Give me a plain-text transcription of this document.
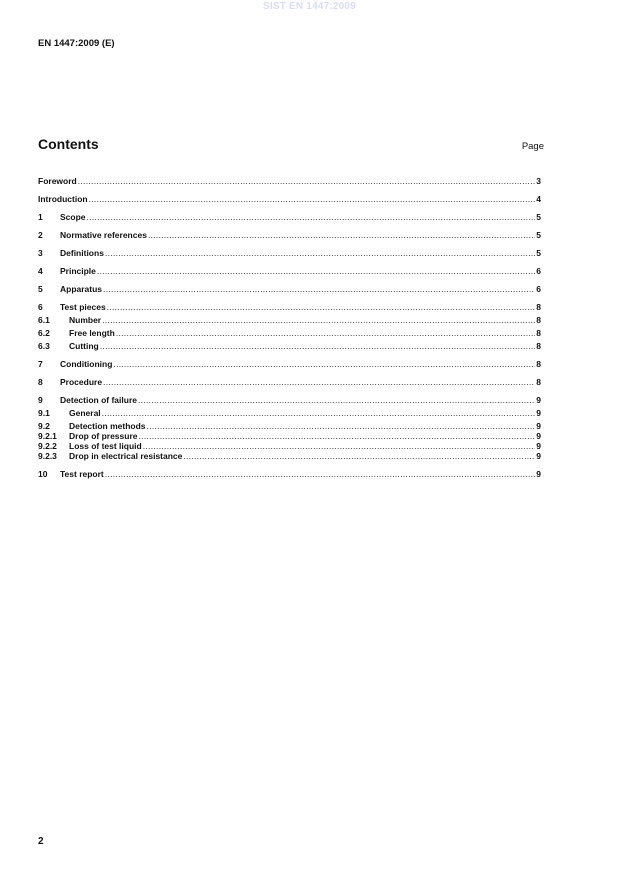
SIST EN 1447:2009
EN 1447:2009 (E)
Contents	Page
Foreword .....	3
Introduction .....	4
1	Scope .....	5
2	Normative references .....	5
3	Definitions .....	5
4	Principle .....	6
5	Apparatus .....	6
6	Test pieces .....	8
6.1	Number .....	8
6.2	Free length .....	8
6.3	Cutting .....	8
7	Conditioning .....	8
8	Procedure .....	8
9	Detection of failure .....	9
9.1	General .....	9
9.2	Detection methods .....	9
9.2.1	Drop of pressure .....	9
9.2.2	Loss of test liquid .....	9
9.2.3	Drop in electrical resistance .....	9
10	Test report .....	9
2
